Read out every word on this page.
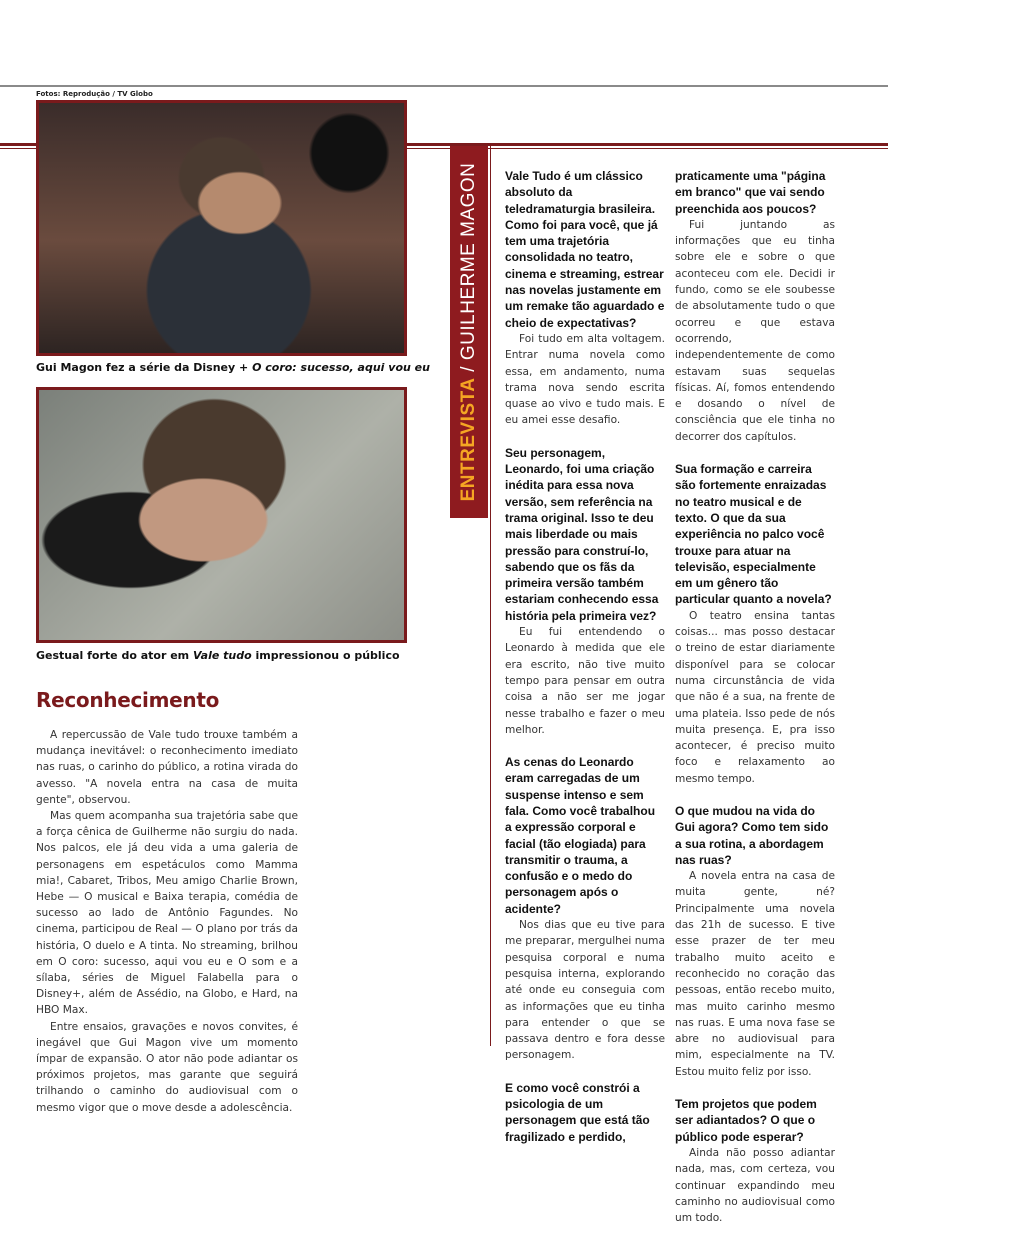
Fotos: Reprodução / TV Globo
Gui Magon fez a série da Disney + O coro: sucesso, aqui vou eu
Gestual forte do ator em Vale tudo impressionou o público
ENTREVISTA / GUILHERME MAGON
Reconhecimento

A repercussão de Vale tudo trouxe também a mudança inevitável: o reconhecimento imediato nas ruas, o carinho do público, a rotina virada do avesso. "A novela entra na casa de muita gente", observou.

Mas quem acompanha sua trajetória sabe que a força cênica de Guilherme não surgiu do nada. Nos palcos, ele já deu vida a uma galeria de personagens em espetáculos como Mamma mia!, Cabaret, Tribos, Meu amigo Charlie Brown, Hebe — O musical e Baixa terapia, comédia de sucesso ao lado de Antônio Fagundes. No cinema, participou de Real — O plano por trás da história, O duelo e A tinta. No streaming, brilhou em O coro: sucesso, aqui vou eu e O som e a sílaba, séries de Miguel Falabella para o Disney+, além de Assédio, na Globo, e Hard, na HBO Max.

Entre ensaios, gravações e novos convites, é inegável que Gui Magon vive um momento ímpar de expansão. O ator não pode adiantar os próximos projetos, mas garante que seguirá trilhando o caminho do audiovisual com o mesmo vigor que o move desde a adolescência.

Vale Tudo é um clássico absoluto da teledramaturgia brasileira. Como foi para você, que já tem uma trajetória consolidada no teatro, cinema e streaming, estrear nas novelas justamente em um remake tão aguardado e cheio de expectativas?
Foi tudo em alta voltagem. Entrar numa novela como essa, em andamento, numa trama nova sendo escrita quase ao vivo e tudo mais. E eu amei esse desafio.
Seu personagem, Leonardo, foi uma criação inédita para essa nova versão, sem referência na trama original. Isso te deu mais liberdade ou mais pressão para construí-lo, sabendo que os fãs da primeira versão também estariam conhecendo essa história pela primeira vez?
Eu fui entendendo o Leonardo à medida que ele era escrito, não tive muito tempo para pensar em outra coisa a não ser me jogar nesse trabalho e fazer o meu melhor.
As cenas do Leonardo eram carregadas de um suspense intenso e sem fala. Como você trabalhou a expressão corporal e facial (tão elogiada) para transmitir o trauma, a confusão e o medo do personagem após o acidente?
Nos dias que eu tive para me preparar, mergulhei numa pesquisa corporal e numa pesquisa interna, explorando até onde eu conseguia com as informações que eu tinha para entender o que se passava dentro e fora desse personagem.
E como você constrói a psicologia de um personagem que está tão fragilizado e perdido,
praticamente uma "página em branco" que vai sendo preenchida aos poucos?
Fui juntando as informações que eu tinha sobre ele e sobre o que aconteceu com ele. Decidi ir fundo, como se ele soubesse de absolutamente tudo o que ocorreu e que estava ocorrendo, independentemente de como estavam suas sequelas físicas. Aí, fomos entendendo e dosando o nível de consciência que ele tinha no decorrer dos capítulos.
Sua formação e carreira são fortemente enraizadas no teatro musical e de texto. O que da sua experiência no palco você trouxe para atuar na televisão, especialmente em um gênero tão particular quanto a novela?
O teatro ensina tantas coisas... mas posso destacar o treino de estar diariamente disponível para se colocar numa circunstância de vida que não é a sua, na frente de uma plateia. Isso pede de nós muita presença. E, pra isso acontecer, é preciso muito foco e relaxamento ao mesmo tempo.
O que mudou na vida do Gui agora? Como tem sido a sua rotina, a abordagem nas ruas?
A novela entra na casa de muita gente, né? Principalmente uma novela das 21h de sucesso. E tive esse prazer de ter meu trabalho muito aceito e reconhecido no coração das pessoas, então recebo muito, mas muito carinho mesmo nas ruas. E uma nova fase se abre no audiovisual para mim, especialmente na TV. Estou muito feliz por isso.
Tem projetos que podem ser adiantados? O que o público pode esperar?
Ainda não posso adiantar nada, mas, com certeza, vou continuar expandindo meu caminho no audiovisual como um todo.
